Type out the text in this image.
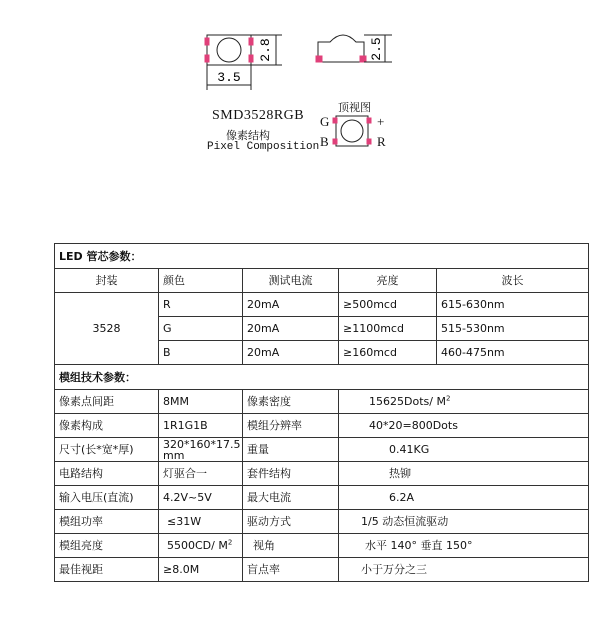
2.8
3.5
2.5
SMD3528RGB
像素结构
Pixel Composition
顶视图
G
B
+
R
LED 管芯参数：				
封装	颜色	测试电流	亮度	波长
3528	R	20mA	≥500mcd	615-630nm
	G	20mA	≥1100mcd	515-530nm
	B	20mA	≥160mcd	460-475nm
模组技术参数：				
像素点间距	8MM	像素密度	15625Dots/ $M^2$
像素构成	1R1G1B	模组分辨率	40*20=800Dots	
尺寸(长*宽*厚)	320*160*17.5 mm	重量	0.41KG	
电路结构	灯驱合一	套件结构	热铆	
输入电压(直流)	4.2V~5V	最大电流	6.2A	
模组功率	≤31W	驱动方式	1/5 动态恒流驱动	
模组亮度	5500CD/ $M^2$	视角	水平 140° 垂直 150°	
最佳视距	≥8.0M	盲点率	小于万分之三	
